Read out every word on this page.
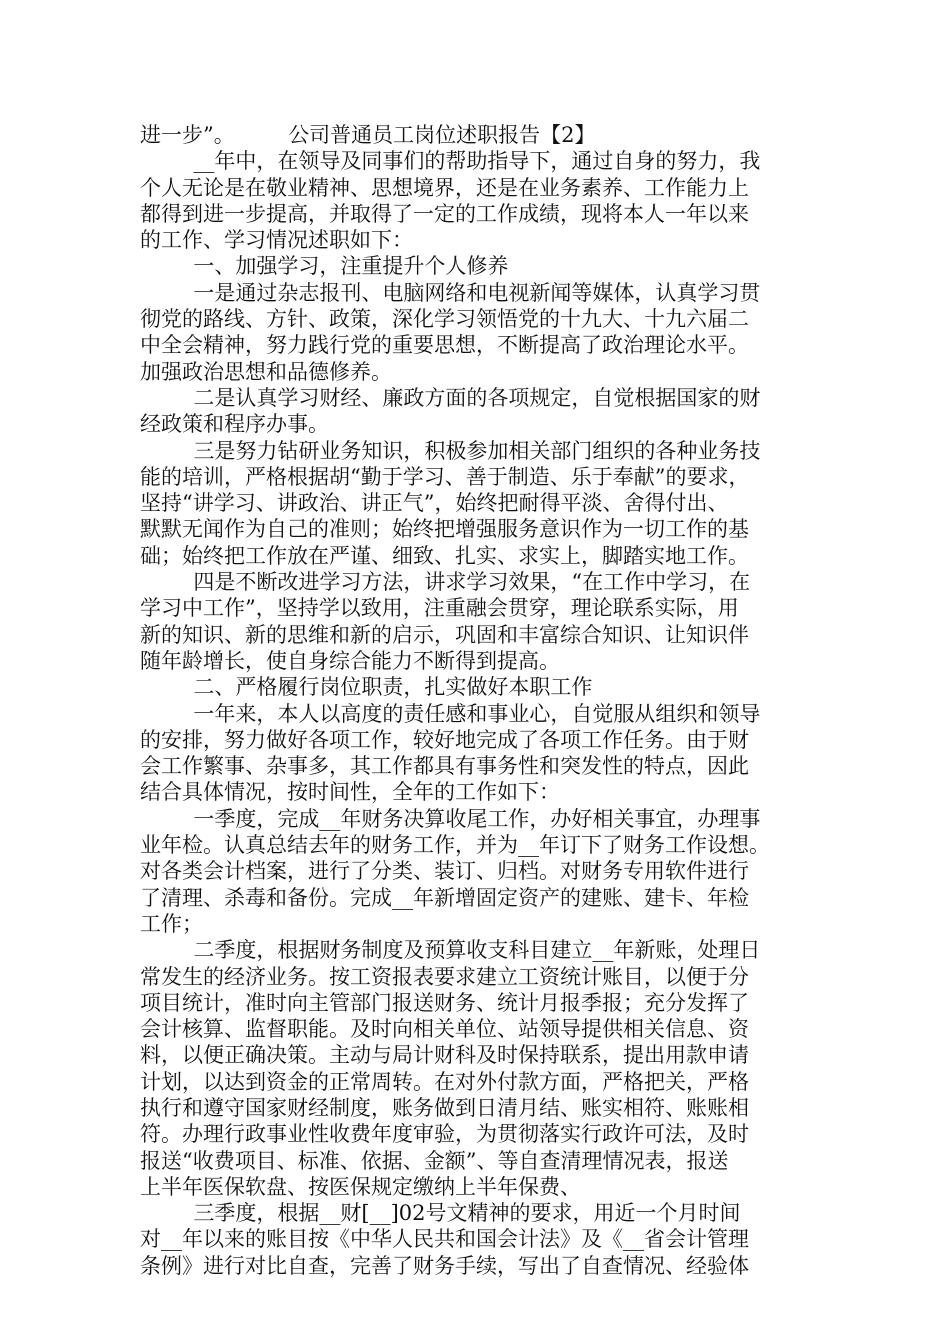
进一步”。        公司普通员工岗位述职报告【2】
__年中，在领导及同事们的帮助指导下，通过自身的努力，我
个人无论是在敬业精神、思想境界，还是在业务素养、工作能力上
都得到进一步提高，并取得了一定的工作成绩，现将本人一年以来
的工作、学习情况述职如下：
一、加强学习，注重提升个人修养
一是通过杂志报刊、电脑网络和电视新闻等媒体，认真学习贯
彻党的路线、方针、政策，深化学习领悟党的十九大、十九六届二
中全会精神，努力践行党的重要思想，不断提高了政治理论水平。
加强政治思想和品德修养。
二是认真学习财经、廉政方面的各项规定，自觉根据国家的财
经政策和程序办事。
三是努力钻研业务知识，积极参加相关部门组织的各种业务技
能的培训，严格根据胡“勤于学习、善于制造、乐于奉献”的要求，
坚持“讲学习、讲政治、讲正气”，始终把耐得平淡、舍得付出、
默默无闻作为自己的准则；始终把增强服务意识作为一切工作的基
础；始终把工作放在严谨、细致、扎实、求实上，脚踏实地工作。
四是不断改进学习方法，讲求学习效果，“在工作中学习，在
学习中工作”，坚持学以致用，注重融会贯穿，理论联系实际，用
新的知识、新的思维和新的启示，巩固和丰富综合知识、让知识伴
随年龄增长，使自身综合能力不断得到提高。
二、严格履行岗位职责，扎实做好本职工作
一年来，本人以高度的责任感和事业心，自觉服从组织和领导
的安排，努力做好各项工作，较好地完成了各项工作任务。由于财
会工作繁事、杂事多，其工作都具有事务性和突发性的特点，因此
结合具体情况，按时间性，全年的工作如下：
一季度，完成__年财务决算收尾工作，办好相关事宜，办理事
业年检。认真总结去年的财务工作，并为__年订下了财务工作设想。
对各类会计档案，进行了分类、装订、归档。对财务专用软件进行
了清理、杀毒和备份。完成__年新增固定资产的建账、建卡、年检
工作；
二季度，根据财务制度及预算收支科目建立__年新账，处理日
常发生的经济业务。按工资报表要求建立工资统计账目，以便于分
项目统计，准时向主管部门报送财务、统计月报季报；充分发挥了
会计核算、监督职能。及时向相关单位、站领导提供相关信息、资
料，以便正确决策。主动与局计财科及时保持联系，提出用款申请
计划，以达到资金的正常周转。在对外付款方面，严格把关，严格
执行和遵守国家财经制度，账务做到日清月结、账实相符、账账相
符。办理行政事业性收费年度审验，为贯彻落实行政许可法，及时
报送“收费项目、标准、依据、金额”、等自查清理情况表，报送
上半年医保软盘、按医保规定缴纳上半年保费、
三季度，根据__财[__]02号文精神的要求，用近一个月时间
对__年以来的账目按《中华人民共和国会计法》及《__省会计管理
条例》进行对比自查，完善了财务手续，写出了自查情况、经验体
